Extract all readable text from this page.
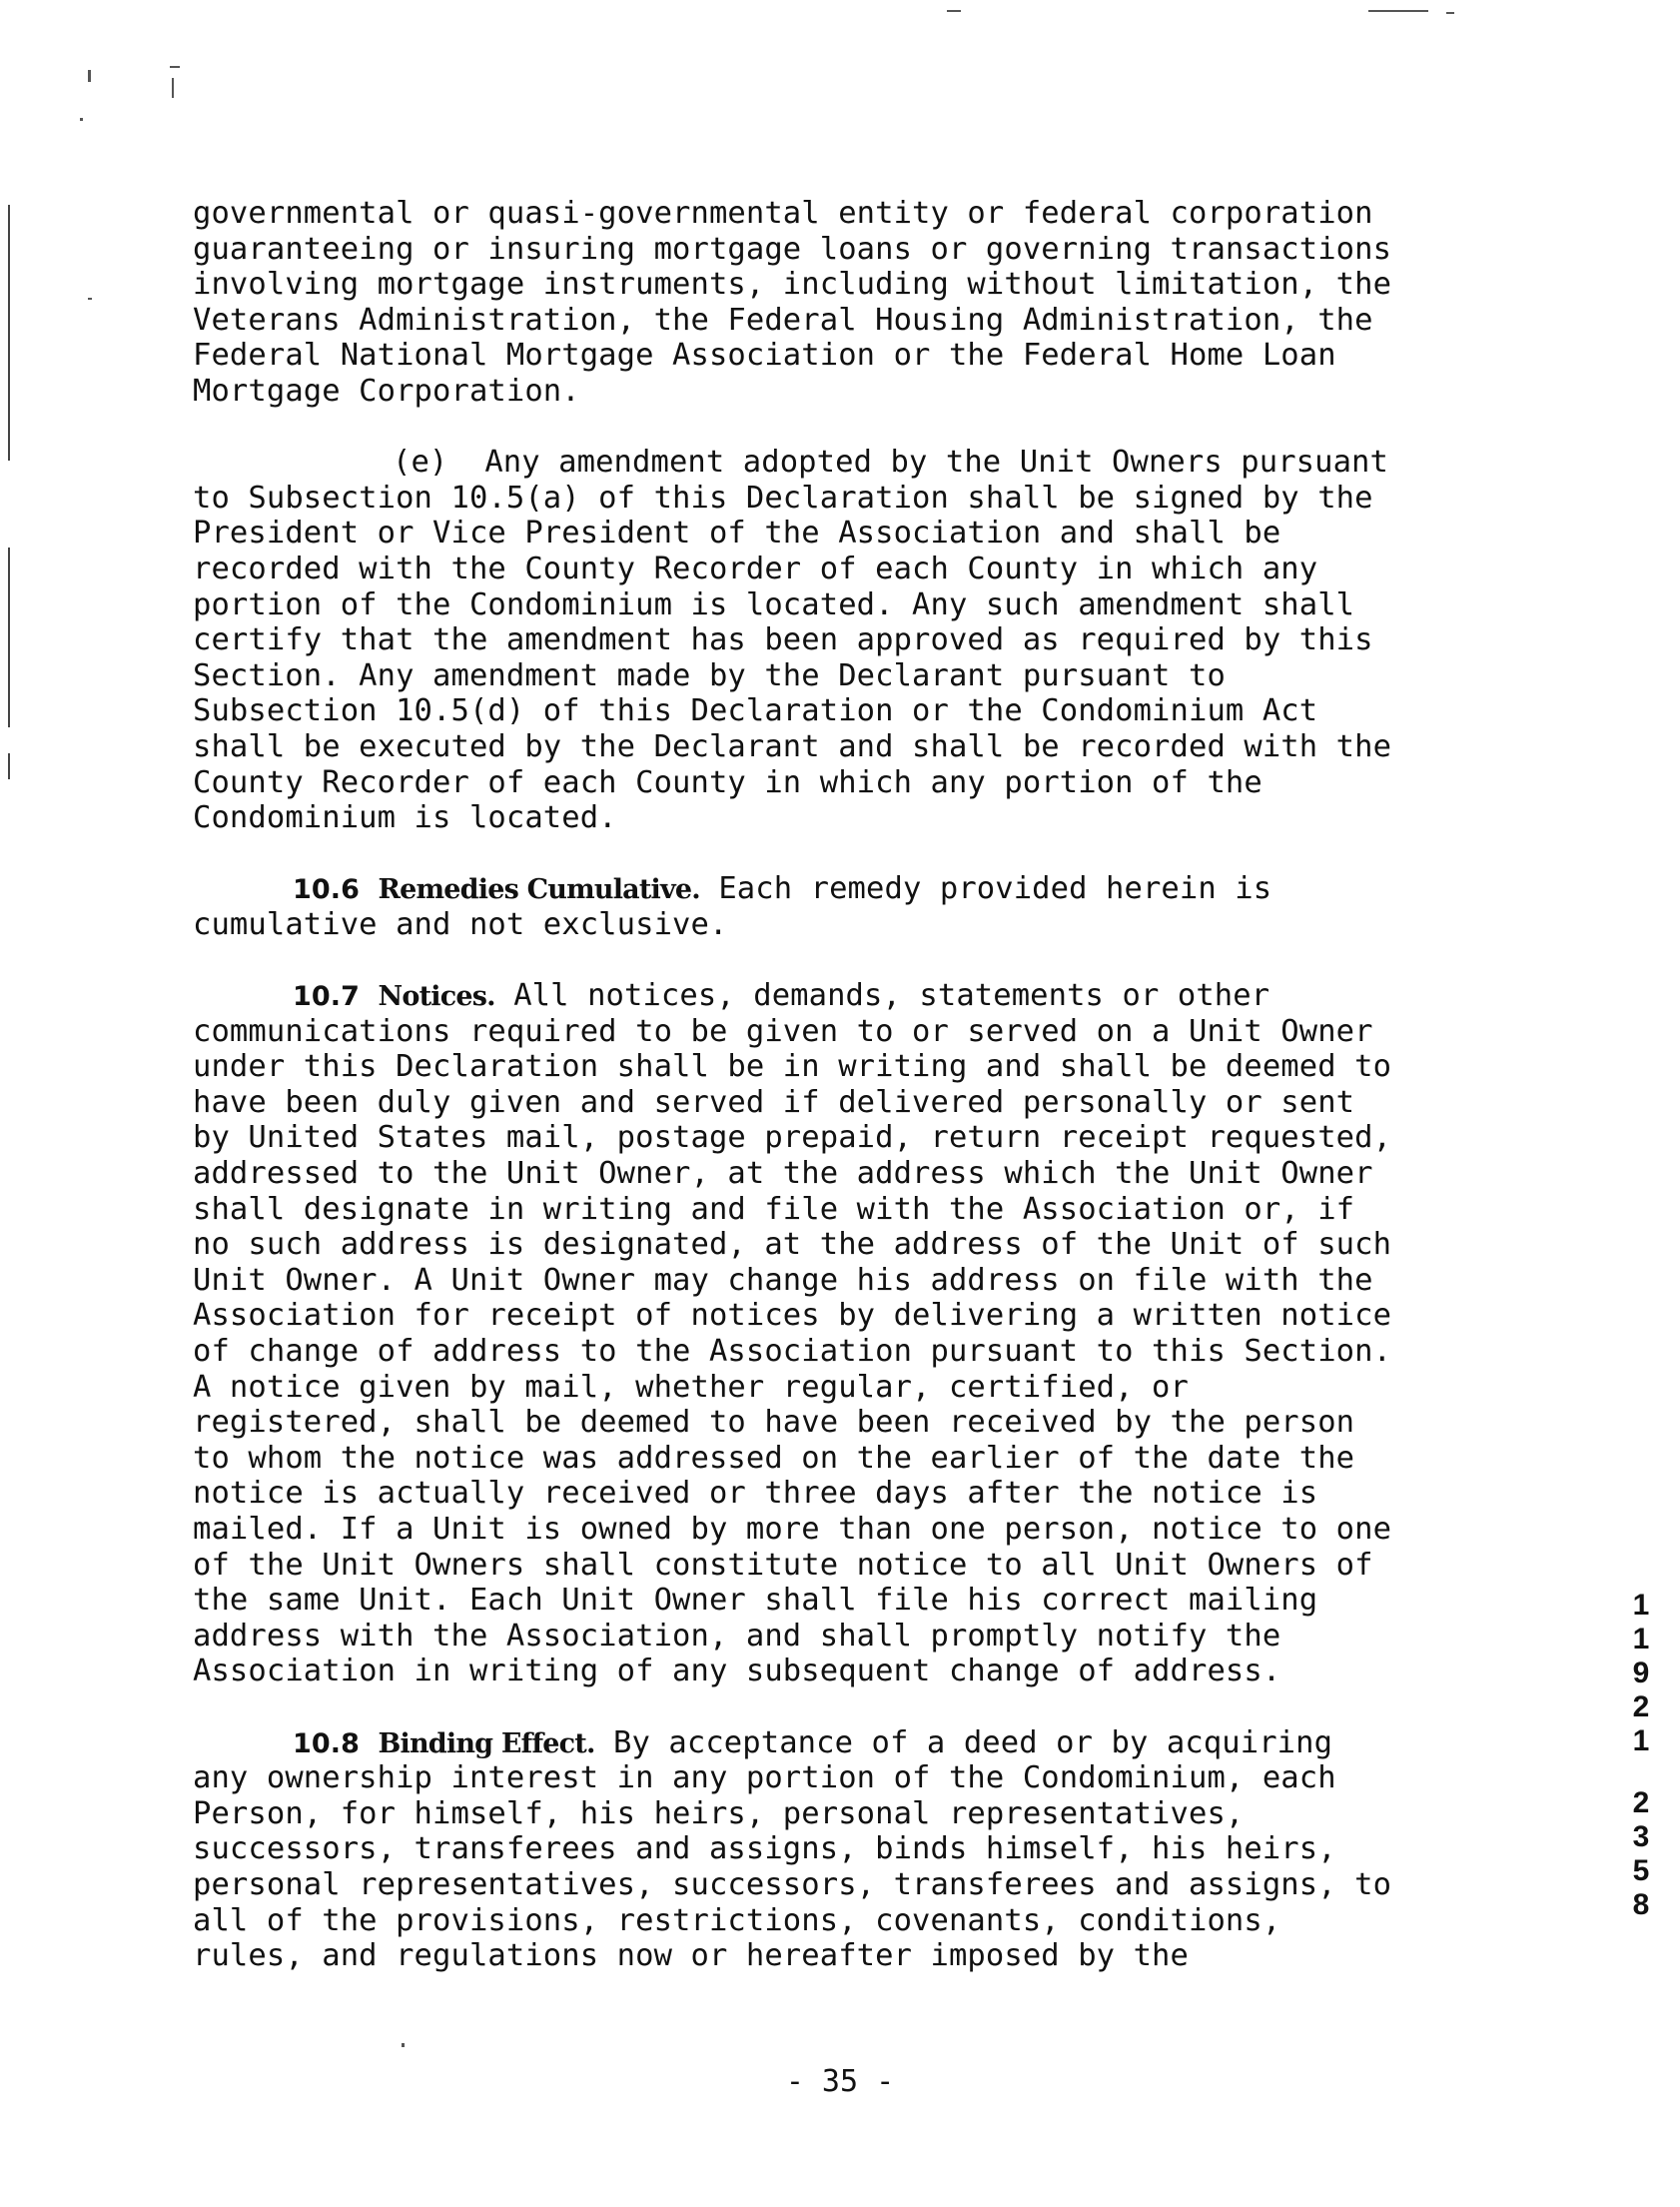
governmental or quasi-governmental entity or federal corporation
guaranteeing or insuring mortgage loans or governing transactions
involving mortgage instruments, including without limitation, the
Veterans Administration, the Federal Housing Administration, the
Federal National Mortgage Association or the Federal Home Loan
Mortgage Corporation.
(e)  Any amendment adopted by the Unit Owners pursuant
to Subsection 10.5(a) of this Declaration shall be signed by the
President or Vice President of the Association and shall be
recorded with the County Recorder of each County in which any
portion of the Condominium is located. Any such amendment shall
certify that the amendment has been approved as required by this
Section. Any amendment made by the Declarant pursuant to
Subsection 10.5(d) of this Declaration or the Condominium Act
shall be executed by the Declarant and shall be recorded with the
County Recorder of each County in which any portion of the
Condominium is located.
10.6 Remedies Cumulative. Each remedy provided herein is
cumulative and not exclusive.
10.7 Notices. All notices, demands, statements or other
communications required to be given to or served on a Unit Owner
under this Declaration shall be in writing and shall be deemed to
have been duly given and served if delivered personally or sent
by United States mail, postage prepaid, return receipt requested,
addressed to the Unit Owner, at the address which the Unit Owner
shall designate in writing and file with the Association or, if
no such address is designated, at the address of the Unit of such
Unit Owner. A Unit Owner may change his address on file with the
Association for receipt of notices by delivering a written notice
of change of address to the Association pursuant to this Section.
A notice given by mail, whether regular, certified, or
registered, shall be deemed to have been received by the person
to whom the notice was addressed on the earlier of the date the
notice is actually received or three days after the notice is
mailed. If a Unit is owned by more than one person, notice to one
of the Unit Owners shall constitute notice to all Unit Owners of
the same Unit. Each Unit Owner shall file his correct mailing
address with the Association, and shall promptly notify the
Association in writing of any subsequent change of address.
10.8 Binding Effect. By acceptance of a deed or by acquiring
any ownership interest in any portion of the Condominium, each
Person, for himself, his heirs, personal representatives,
successors, transferees and assigns, binds himself, his heirs,
personal representatives, successors, transferees and assigns, to
all of the provisions, restrictions, covenants, conditions,
rules, and regulations now or hereafter imposed by the
1
1
9
2
1
2
3
5
8
- 35 -
